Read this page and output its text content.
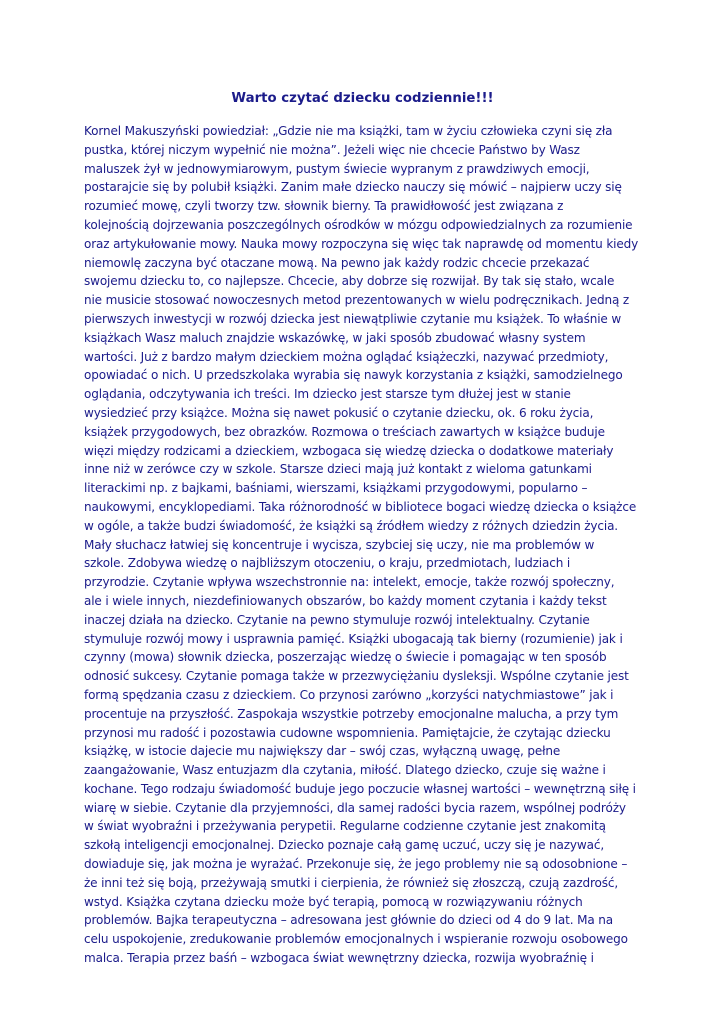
Warto czytać dziecku codziennie!!!
Kornel Makuszyński powiedział: „Gdzie nie ma książki, tam w życiu człowieka czyni się zła
pustka, której niczym wypełnić nie można”. Jeżeli więc nie chcecie Państwo by Wasz
maluszek żył w jednowymiarowym, pustym świecie wypranym z prawdziwych emocji,
postarajcie się by polubił książki. Zanim małe dziecko nauczy się mówić – najpierw uczy się
rozumieć mowę, czyli tworzy tzw. słownik bierny. Ta prawidłowość jest związana z
kolejnością dojrzewania poszczególnych ośrodków w mózgu odpowiedzialnych za rozumienie
oraz artykułowanie mowy. Nauka mowy rozpoczyna się więc tak naprawdę od momentu kiedy
niemowlę zaczyna być otaczane mową. Na pewno jak każdy rodzic chcecie przekazać
swojemu dziecku to, co najlepsze. Chcecie, aby dobrze się rozwijał. By tak się stało, wcale
nie musicie stosować nowoczesnych metod prezentowanych w wielu podręcznikach. Jedną z
pierwszych inwestycji w rozwój dziecka jest niewątpliwie czytanie mu książek. To właśnie w
książkach Wasz maluch znajdzie wskazówkę, w jaki sposób zbudować własny system
wartości. Już z bardzo małym dzieckiem można oglądać książeczki, nazywać przedmioty,
opowiadać o nich. U przedszkolaka wyrabia się nawyk korzystania z książki, samodzielnego
oglądania, odczytywania ich treści. Im dziecko jest starsze tym dłużej jest w stanie
wysiedzieć przy książce. Można się nawet pokusić o czytanie dziecku, ok. 6 roku życia,
książek przygodowych, bez obrazków. Rozmowa o treściach zawartych w książce buduje
więzi między rodzicami a dzieckiem, wzbogaca się wiedzę dziecka o dodatkowe materiały
inne niż w zerówce czy w szkole. Starsze dzieci mają już kontakt z wieloma gatunkami
literackimi np. z bajkami, baśniami, wierszami, książkami przygodowymi, popularno –
naukowymi, encyklopediami. Taka różnorodność w bibliotece bogaci wiedzę dziecka o książce
w ogóle, a także budzi świadomość, że książki są źródłem wiedzy z różnych dziedzin życia.
Mały słuchacz łatwiej się koncentruje i wycisza, szybciej się uczy, nie ma problemów w
szkole. Zdobywa wiedzę o najbliższym otoczeniu, o kraju, przedmiotach, ludziach i
przyrodzie. Czytanie wpływa wszechstronnie na: intelekt, emocje, także rozwój społeczny,
ale i wiele innych, niezdefiniowanych obszarów, bo każdy moment czytania i każdy tekst
inaczej działa na dziecko. Czytanie na pewno stymuluje rozwój intelektualny. Czytanie
stymuluje rozwój mowy i usprawnia pamięć. Książki ubogacają tak bierny (rozumienie) jak i
czynny (mowa) słownik dziecka, poszerzając wiedzę o świecie i pomagając w ten sposób
odnosić sukcesy. Czytanie pomaga także w przezwyciężaniu dysleksji. Wspólne czytanie jest
formą spędzania czasu z dzieckiem. Co przynosi zarówno „korzyści natychmiastowe” jak i
procentuje na przyszłość. Zaspokaja wszystkie potrzeby emocjonalne malucha, a przy tym
przynosi mu radość i pozostawia cudowne wspomnienia. Pamiętajcie, że czytając dziecku
książkę, w istocie dajecie mu największy dar – swój czas, wyłączną uwagę, pełne
zaangażowanie, Wasz entuzjazm dla czytania, miłość. Dlatego dziecko, czuje się ważne i
kochane. Tego rodzaju świadomość buduje jego poczucie własnej wartości – wewnętrzną siłę i
wiarę w siebie. Czytanie dla przyjemności, dla samej radości bycia razem, wspólnej podróży
w świat wyobraźni i przeżywania perypetii. Regularne codzienne czytanie jest znakomitą
szkołą inteligencji emocjonalnej. Dziecko poznaje całą gamę uczuć, uczy się je nazywać,
dowiaduje się, jak można je wyrażać. Przekonuje się, że jego problemy nie są odosobnione –
że inni też się boją, przeżywają smutki i cierpienia, że również się złoszczą, czują zazdrość,
wstyd. Książka czytana dziecku może być terapią, pomocą w rozwiązywaniu różnych
problemów. Bajka terapeutyczna – adresowana jest głównie do dzieci od 4 do 9 lat. Ma na
celu uspokojenie, zredukowanie problemów emocjonalnych i wspieranie rozwoju osobowego
malca. Terapia przez baśń – wzbogaca świat wewnętrzny dziecka, rozwija wyobraźnię i
